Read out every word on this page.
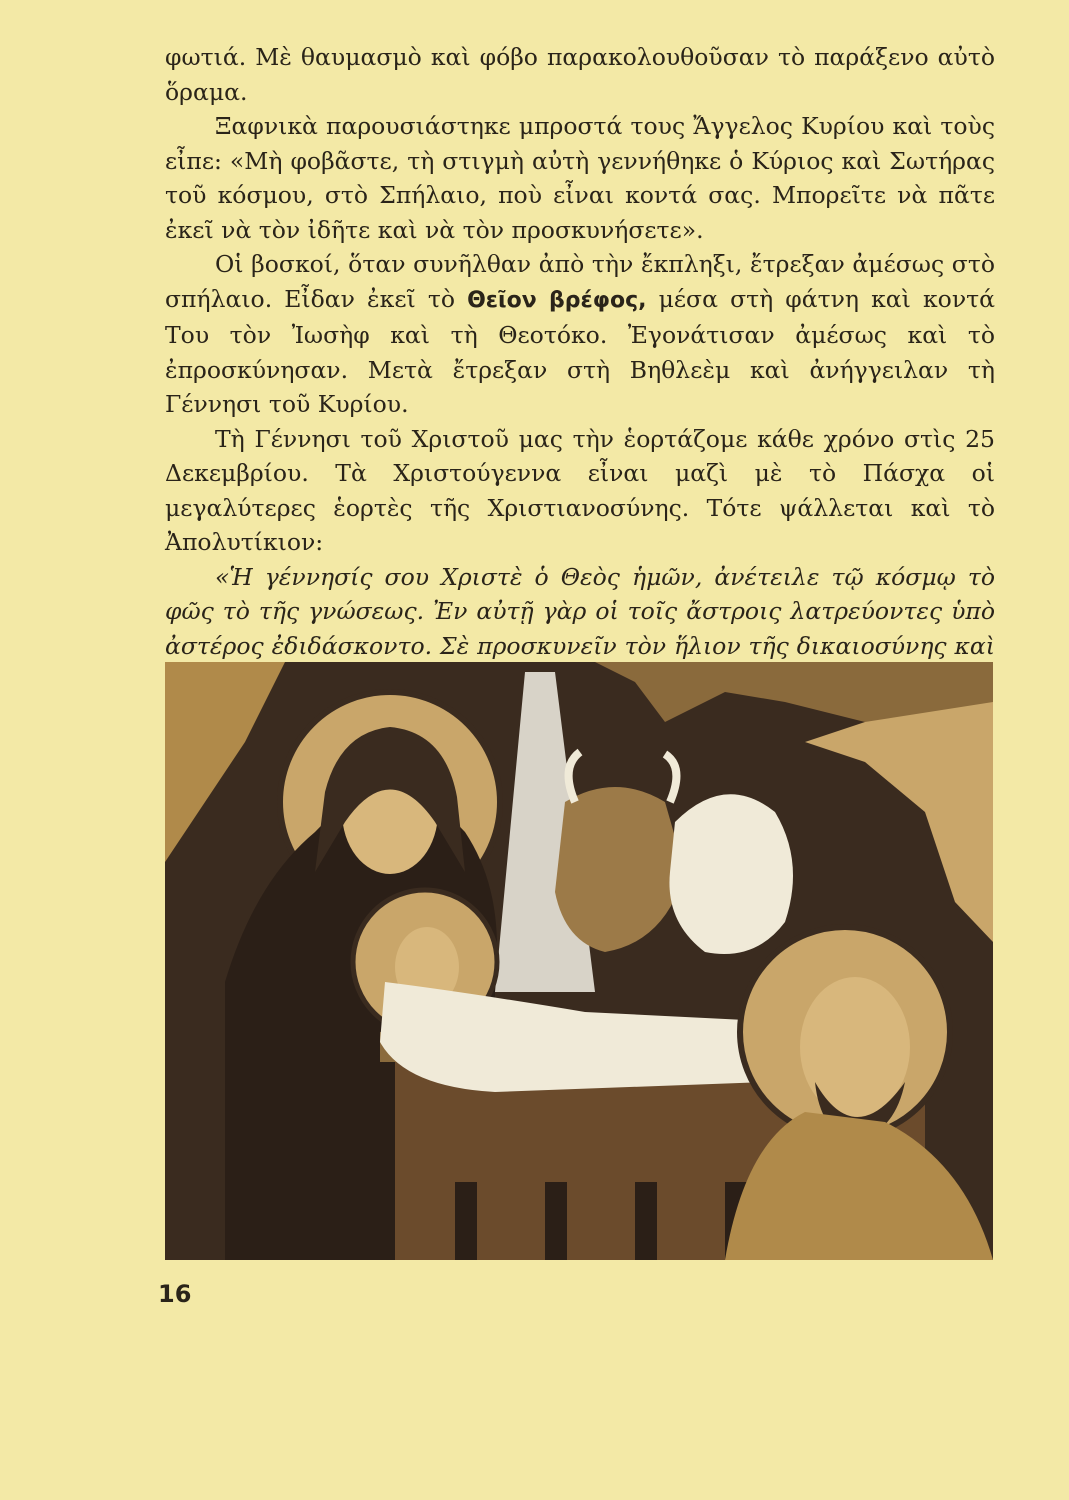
φωτιά. Μὲ θαυμασμὸ καὶ φόβο παρακολουθοῦσαν τὸ παράξενο αὐτὸ ὅραμα.

Ξαφνικὰ παρουσιάστηκε μπροστά τους Ἄγγελος Κυρίου καὶ τοὺς εἶπε: «Μὴ φοβᾶστε, τὴ στιγμὴ αὐτὴ γεννήθηκε ὁ Κύριος καὶ Σωτήρας τοῦ κόσμου, στὸ Σπήλαιο, ποὺ εἶναι κοντά σας. Μπορεῖτε νὰ πᾶτε ἐκεῖ νὰ τὸν ἰδῆτε καὶ νὰ τὸν προσκυνήσετε».

Οἱ βοσκοί, ὅταν συνῆλθαν ἀπὸ τὴν ἔκπληξι, ἔτρεξαν ἀμέσως στὸ σπήλαιο. Εἶδαν ἐκεῖ τὸ Θεῖον βρέφος, μέσα στὴ φάτνη καὶ κοντά Του τὸν Ἰωσὴφ καὶ τὴ Θεοτόκο. Ἐγονάτισαν ἀμέσως καὶ τὸ ἐπροσκύνησαν. Μετὰ ἔτρεξαν στὴ Βηθλεὲμ καὶ ἀνήγγειλαν τὴ Γέννησι τοῦ Κυρίου.

Τὴ Γέννησι τοῦ Χριστοῦ μας τὴν ἑορτάζομε κάθε χρόνο στὶς 25 Δεκεμβρίου. Τὰ Χριστούγεννα εἶναι μαζὶ μὲ τὸ Πάσχα οἱ μεγαλύτερες ἑορτὲς τῆς Χριστιανοσύνης. Τότε ψάλλεται καὶ τὸ Ἀπολυτίκιον:

«Ἡ γέννησίς σου Χριστὲ ὁ Θεὸς ἡμῶν, ἀνέτειλε τῷ κόσμῳ τὸ φῶς τὸ τῆς γνώσεως. Ἐν αὐτῇ γὰρ οἱ τοῖς ἄστροις λατρεύοντες ὑπὸ ἀστέρος ἐδιδάσκοντο. Σὲ προσκυνεῖν τὸν ἥλιον τῆς δικαιοσύνης καὶ

16
